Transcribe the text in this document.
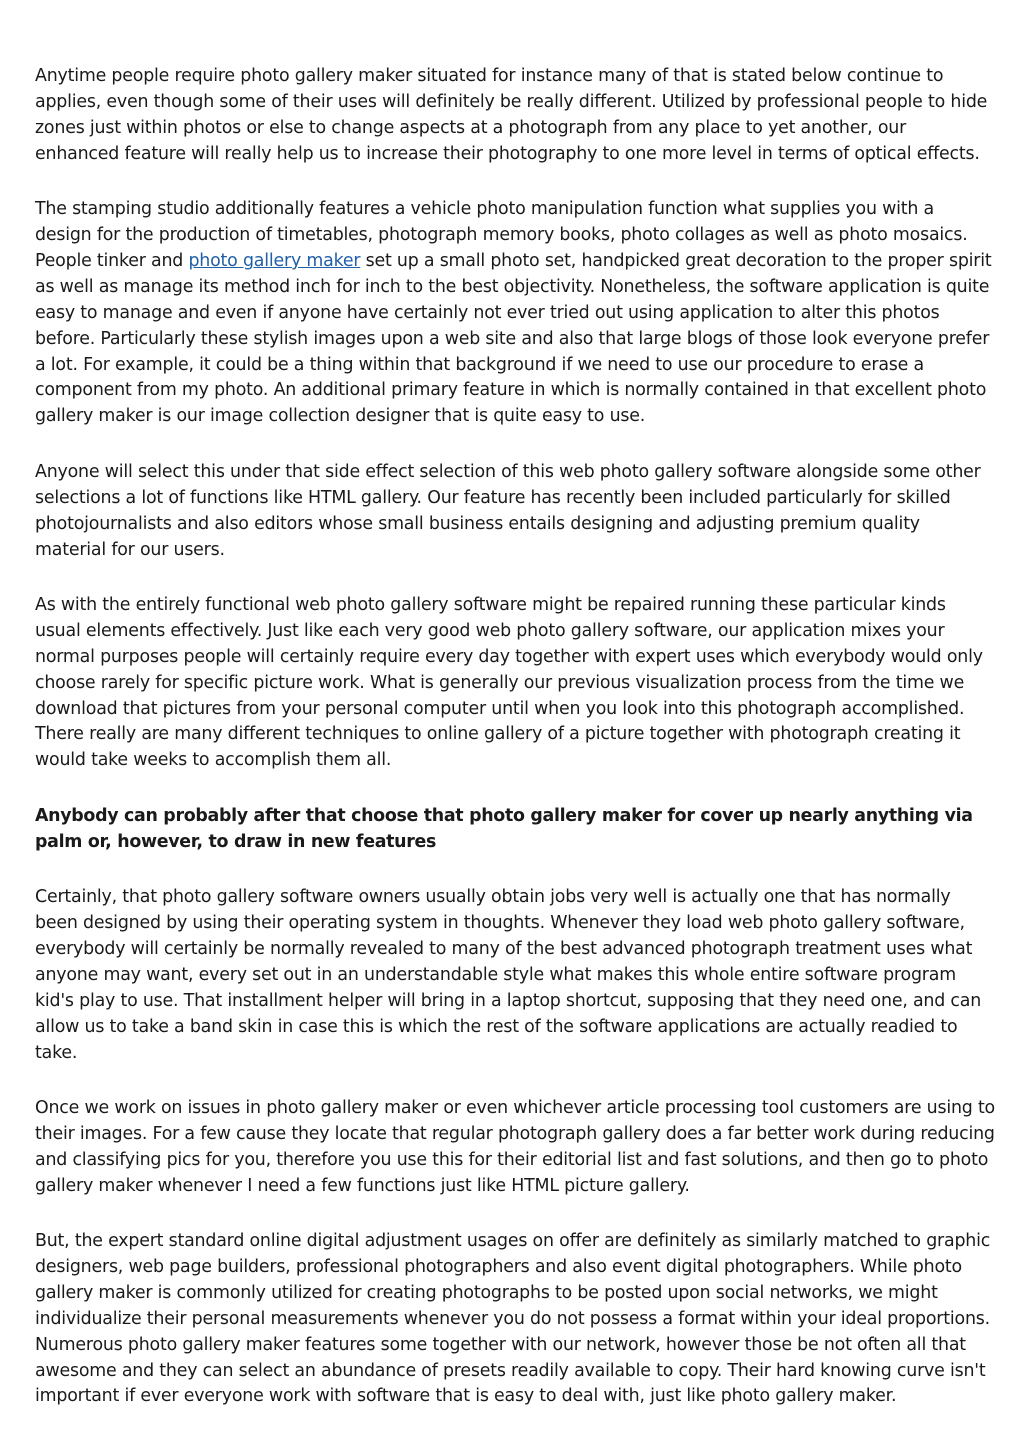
Anytime people require photo gallery maker situated for instance many of that is stated below continue to applies, even though some of their uses will definitely be really different. Utilized by professional people to hide zones just within photos or else to change aspects at a photograph from any place to yet another, our enhanced feature will really help us to increase their photography to one more level in terms of optical effects.

The stamping studio additionally features a vehicle photo manipulation function what supplies you with a design for the production of timetables, photograph memory books, photo collages as well as photo mosaics. People tinker and photo gallery maker set up a small photo set, handpicked great decoration to the proper spirit as well as manage its method inch for inch to the best objectivity. Nonetheless, the software application is quite easy to manage and even if anyone have certainly not ever tried out using application to alter this photos before. Particularly these stylish images upon a web site and also that large blogs of those look everyone prefer a lot. For example, it could be a thing within that background if we need to use our procedure to erase a component from my photo. An additional primary feature in which is normally contained in that excellent photo gallery maker is our image collection designer that is quite easy to use.

Anyone will select this under that side effect selection of this web photo gallery software alongside some other selections a lot of functions like HTML gallery. Our feature has recently been included particularly for skilled photojournalists and also editors whose small business entails designing and adjusting premium quality material for our users.

As with the entirely functional web photo gallery software might be repaired running these particular kinds usual elements effectively. Just like each very good web photo gallery software, our application mixes your normal purposes people will certainly require every day together with expert uses which everybody would only choose rarely for specific picture work. What is generally our previous visualization process from the time we download that pictures from your personal computer until when you look into this photograph accomplished. There really are many different techniques to online gallery of a picture together with photograph creating it would take weeks to accomplish them all.

Anybody can probably after that choose that photo gallery maker for cover up nearly anything via palm or, however, to draw in new features

Certainly, that photo gallery software owners usually obtain jobs very well is actually one that has normally been designed by using their operating system in thoughts. Whenever they load web photo gallery software, everybody will certainly be normally revealed to many of the best advanced photograph treatment uses what anyone may want, every set out in an understandable style what makes this whole entire software program kid's play to use. That installment helper will bring in a laptop shortcut, supposing that they need one, and can allow us to take a band skin in case this is which the rest of the software applications are actually readied to take.

Once we work on issues in photo gallery maker or even whichever article processing tool customers are using to their images. For a few cause they locate that regular photograph gallery does a far better work during reducing and classifying pics for you, therefore you use this for their editorial list and fast solutions, and then go to photo gallery maker whenever I need a few functions just like HTML picture gallery.

But, the expert standard online digital adjustment usages on offer are definitely as similarly matched to graphic designers, web page builders, professional photographers and also event digital photographers. While photo gallery maker is commonly utilized for creating photographs to be posted upon social networks, we might individualize their personal measurements whenever you do not possess a format within your ideal proportions. Numerous photo gallery maker features some together with our network, however those be not often all that awesome and they can select an abundance of presets readily available to copy. Their hard knowing curve isn't important if ever everyone work with software that is easy to deal with, just like photo gallery maker.
